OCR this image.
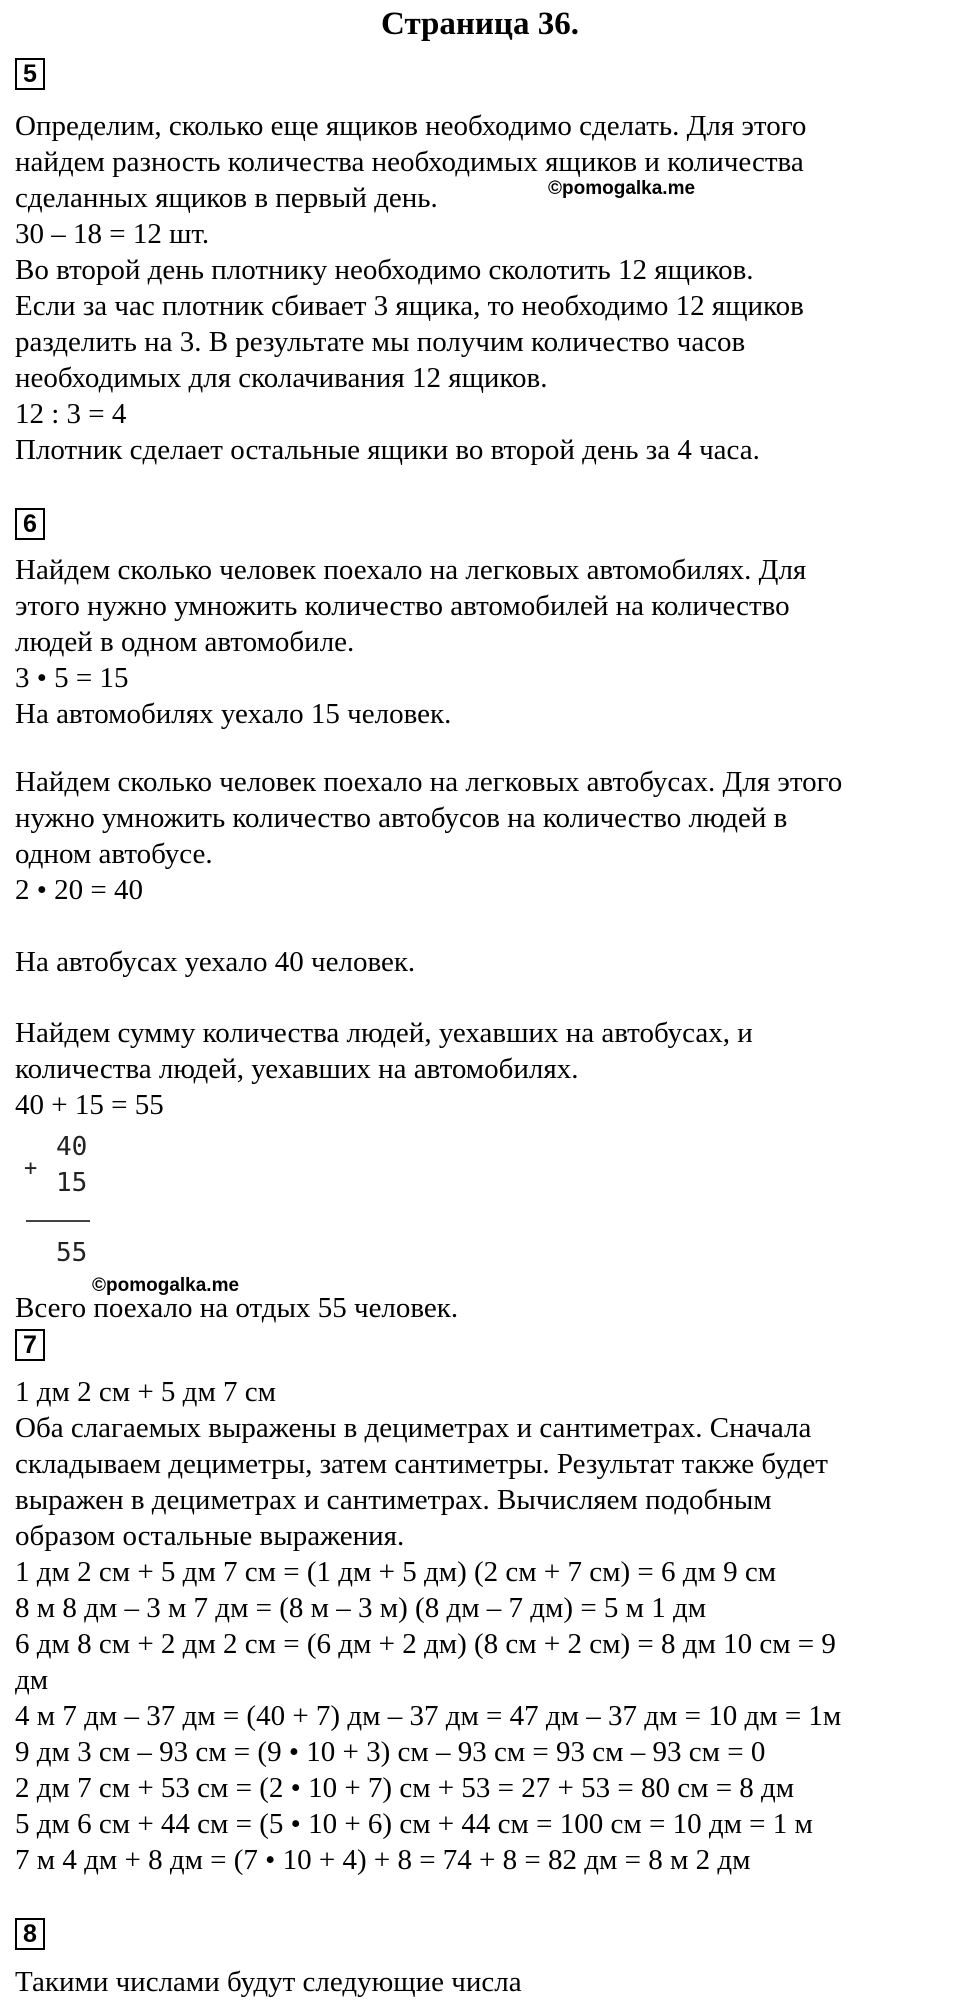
Страница 36.
5
Определим, сколько еще ящиков необходимо сделать. Для этого
найдем разность количества необходимых ящиков и количества
сделанных ящиков в первый день.
30 – 18 = 12 шт.
Во второй день плотнику необходимо сколотить 12 ящиков.
Если за час плотник сбивает 3 ящика, то необходимо 12 ящиков
разделить на 3. В результате мы получим количество часов
необходимых для сколачивания 12 ящиков.
12 : 3 = 4
Плотник сделает остальные ящики во второй день за 4 часа.
©pomogalka.me
6
Найдем сколько человек поехало на легковых автомобилях. Для
этого нужно умножить количество автомобилей на количество
людей в одном автомобиле.
3 • 5 = 15
На автомобилях уехало 15 человек.
Найдем сколько человек поехало на легковых автобусах. Для этого
нужно умножить количество автобусов на количество людей в
одном автобусе.
2 • 20 = 40
На автобусах уехало 40 человек.
Найдем сумму количества людей, уехавших на автобусах, и
количества людей, уехавших на автомобилях.
40 + 15 = 55
+
40
15
55
©pomogalka.me
Всего поехало на отдых 55 человек.
7
1 дм 2 см + 5 дм 7 см
Оба слагаемых выражены в дециметрах и сантиметрах. Сначала
складываем дециметры, затем сантиметры. Результат также будет
выражен в дециметрах и сантиметрах. Вычисляем подобным
образом остальные выражения.
1 дм 2 см + 5 дм 7 см = (1 дм + 5 дм) (2 см + 7 см) = 6 дм 9 см
8 м 8 дм – 3 м 7 дм = (8 м – 3 м) (8 дм – 7 дм) = 5 м 1 дм
6 дм 8 см + 2 дм 2 см = (6 дм + 2 дм) (8 см + 2 см) = 8 дм 10 см = 9
дм
4 м 7 дм – 37 дм = (40 + 7) дм – 37 дм = 47 дм – 37 дм = 10 дм = 1м
9 дм 3 см – 93 см = (9 • 10 + 3) см – 93 см = 93 см – 93 см = 0
2 дм 7 см + 53 см = (2 • 10 + 7) см + 53 = 27 + 53 = 80 см = 8 дм
5 дм 6 см + 44 см = (5 • 10 + 6) см + 44 см = 100 см = 10 дм = 1 м
7 м 4 дм + 8 дм = (7 • 10 + 4) + 8 = 74 + 8 = 82 дм = 8 м 2 дм
8
Такими числами будут следующие числа
